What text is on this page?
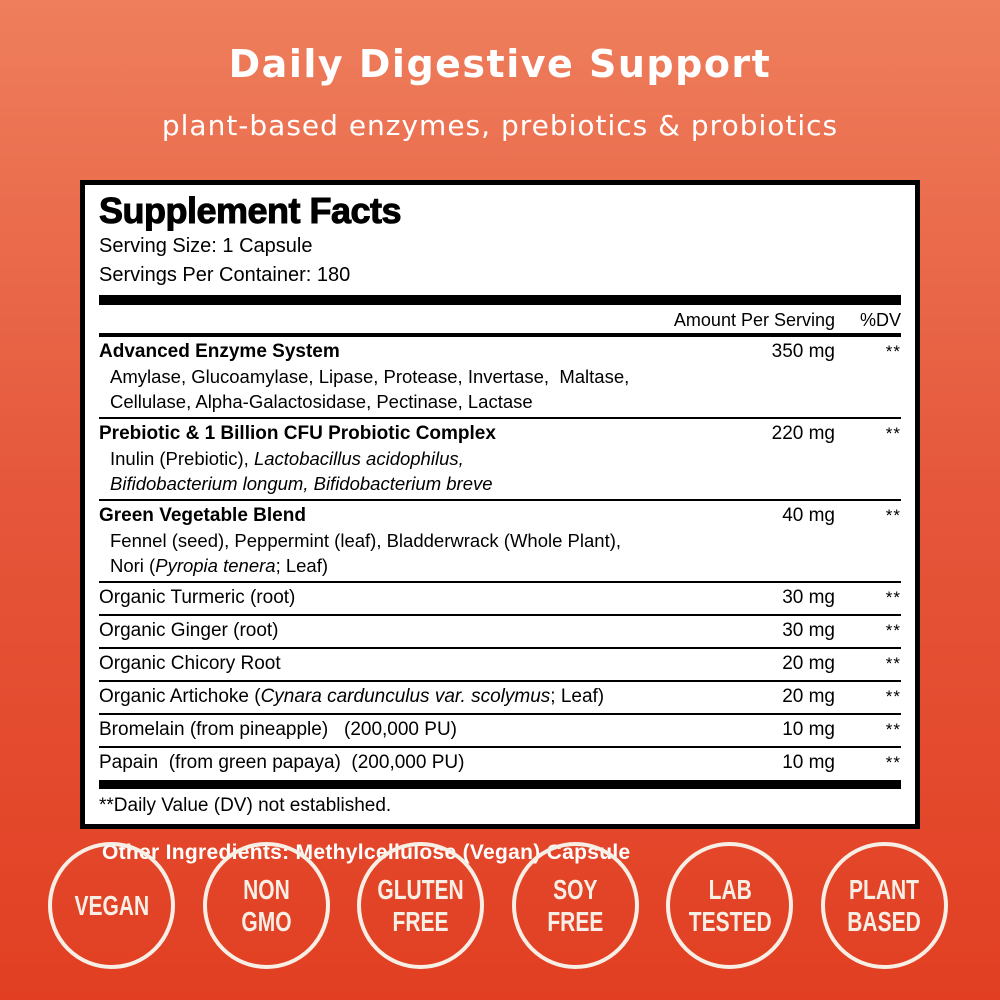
Daily Digestive Support
plant-based enzymes, prebiotics & probiotics

Supplement Facts

Serving Size: 1 Capsule
Servings Per Container: 180
Amount Per Serving	%DV
Advanced Enzyme System	350 mg	**
Amylase, Glucoamylase, Lipase, Protease, Invertase,  Maltase,
Cellulase, Alpha-Galactosidase, Pectinase, Lactase
Prebiotic & 1 Billion CFU Probiotic Complex	220 mg	**
Inulin (Prebiotic), Lactobacillus acidophilus,
Bifidobacterium longum, Bifidobacterium breve
Green Vegetable Blend	40 mg	**
Fennel (seed), Peppermint (leaf), Bladderwrack (Whole Plant),
Nori (Pyropia tenera; Leaf)
Organic Turmeric (root)	30 mg	**
Organic Ginger (root)	30 mg	**
Organic Chicory Root	20 mg	**
Organic Artichoke (Cynara cardunculus var. scolymus; Leaf)	20 mg	**
Bromelain (from pineapple)   (200,000 PU)	10 mg	**
Papain  (from green papaya)  (200,000 PU)	10 mg	**
**Daily Value (DV) not established.
Other Ingredients: Methylcellulose (Vegan) Capsule
VEGAN
NON
GMO
GLUTEN
FREE
SOY
FREE
LAB
TESTED
PLANT
BASED
